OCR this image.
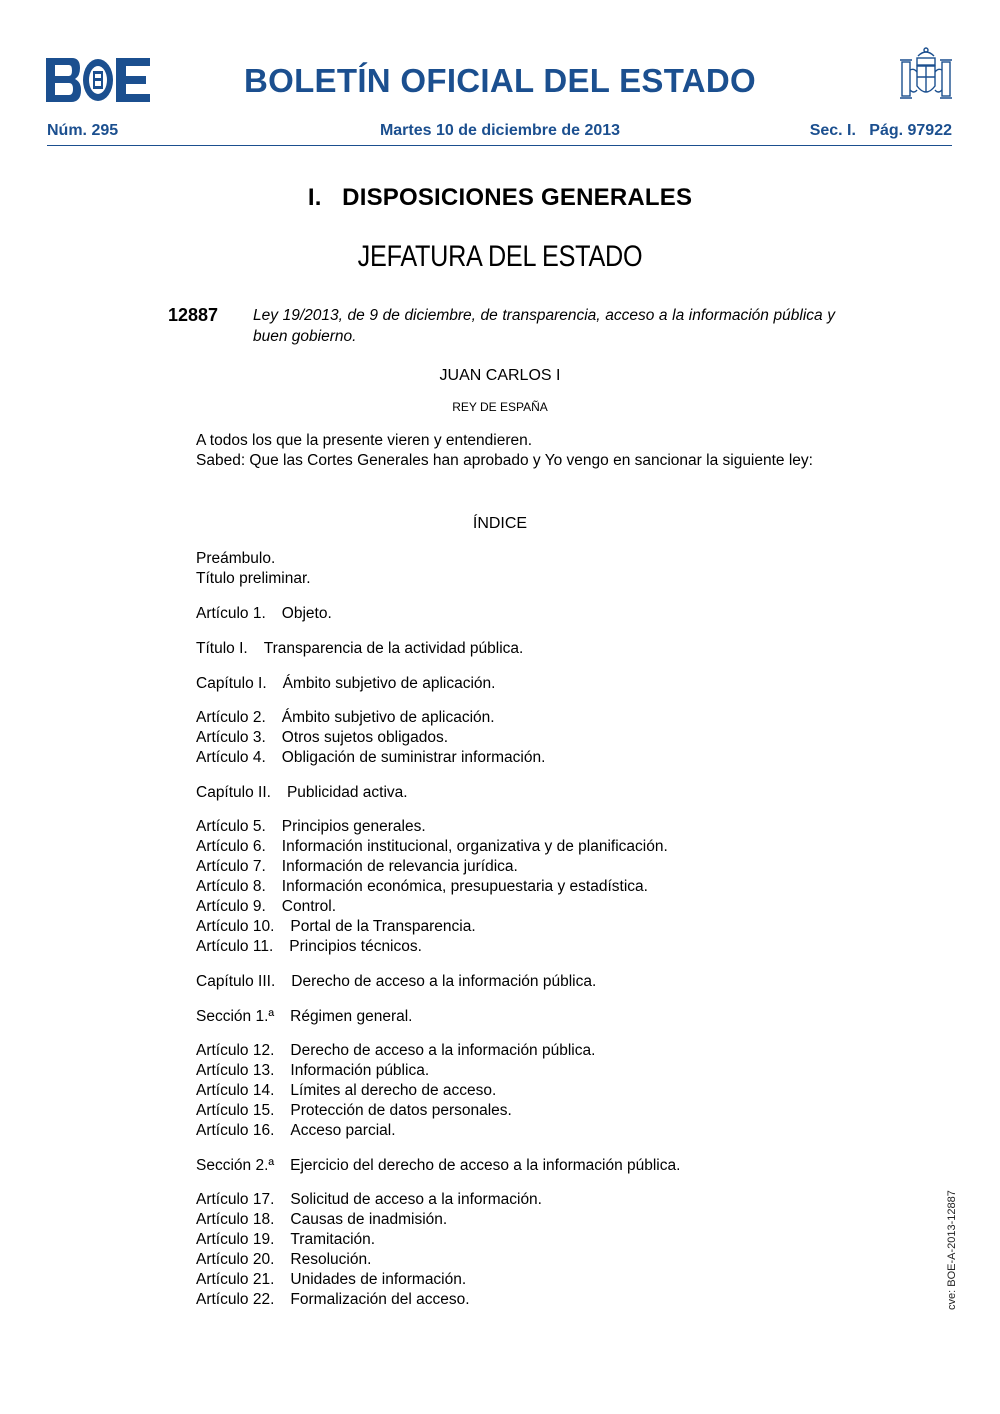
BOLETÍN OFICIAL DEL ESTADO
Núm. 295	Martes 10 de diciembre de 2013	Sec. I.   Pág. 97922
I.   DISPOSICIONES GENERALES
JEFATURA DEL ESTADO
12887 Ley 19/2013, de 9 de diciembre, de transparencia, acceso a la información pública y buen gobierno.
JUAN CARLOS I
REY DE ESPAÑA
A todos los que la presente vieren y entendieren.
Sabed: Que las Cortes Generales han aprobado y Yo vengo en sancionar la siguiente ley:
ÍNDICE
Preámbulo.
Título preliminar.
Artículo 1. Objeto.
Título I. Transparencia de la actividad pública.
Capítulo I. Ámbito subjetivo de aplicación.
Artículo 2. Ámbito subjetivo de aplicación.
Artículo 3. Otros sujetos obligados.
Artículo 4. Obligación de suministrar información.
Capítulo II. Publicidad activa.
Artículo 5. Principios generales.
Artículo 6. Información institucional, organizativa y de planificación.
Artículo 7. Información de relevancia jurídica.
Artículo 8. Información económica, presupuestaria y estadística.
Artículo 9. Control.
Artículo 10. Portal de la Transparencia.
Artículo 11. Principios técnicos.
Capítulo III. Derecho de acceso a la información pública.
Sección 1.ª Régimen general.
Artículo 12. Derecho de acceso a la información pública.
Artículo 13. Información pública.
Artículo 14. Límites al derecho de acceso.
Artículo 15. Protección de datos personales.
Artículo 16. Acceso parcial.
Sección 2.ª Ejercicio del derecho de acceso a la información pública.
Artículo 17. Solicitud de acceso a la información.
Artículo 18. Causas de inadmisión.
Artículo 19. Tramitación.
Artículo 20. Resolución.
Artículo 21. Unidades de información.
Artículo 22. Formalización del acceso.	cve: BOE-A-2013-12887
